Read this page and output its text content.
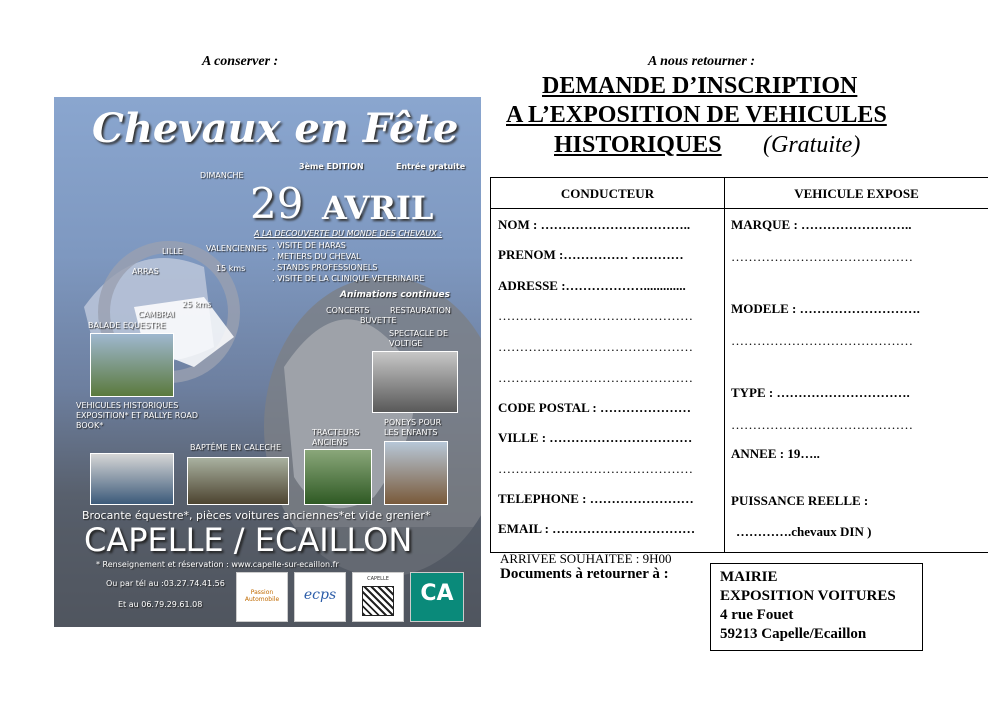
A conserver :	A nous retourner :
Chevaux en Fête
3ème EDITION	Entrée gratuite
DIMANCHE
29 AVRIL
VALENCIENNES
LILLE
ARRAS
CAMBRAI
15 kms
25 kms
A LA DECOUVERTE DU MONDE DES CHEVAUX :
. VISITE DE HARAS
. METIERS DU CHEVAL
. STANDS PROFESSIONELS
. VISITE DE LA CLINIQUE VETERINAIRE
Animations continues
CONCERTS	RESTAURATION
BUVETTE
BALADE EQUESTRE
SPECTACLE DE VOLTIGE
VEHICULES HISTORIQUES EXPOSITION* ET RALLYE ROAD BOOK*	PONEYS POUR LES ENFANTS
TRACTEURS ANCIENS
BAPTÊME EN CALECHE
Brocante équestre*, pièces voitures anciennes*et vide grenier*
CAPELLE / ECAILLON
* Renseignement et réservation : www.capelle-sur-ecaillon.fr
Ou par tél au :03.27.74.41.56
Et au 06.79.29.61.08
Passion Automobile	ecps
CAPELLE
CA
DEMANDE D’INSCRIPTION
A L’EXPOSITION DE VEHICULES
HISTORIQUES (Gratuite)
CONDUCTEUR	VEHICULE EXPOSE
NOM : ……………………………..
PRENOM :…………… …………
ADRESSE :……………….............
………………………………………
………………………………………
………………………………………
CODE POSTAL : …………………
VILLE : ……………………………
………………………………………
TELEPHONE : ……………………
EMAIL : ……………………………
MARQUE : ……………………..
……………………………………
MODELE : ……………………….
……………………………………
TYPE : ………………………….
……………………………………
ANNEE : 19…..
PUISSANCE REELLE :
………….chevaux DIN )
ARRIVEE SOUHAITEE : 9H00
Documents à retourner à :	MAIRIE
EXPOSITION VOITURES
4 rue Fouet
59213 Capelle/Ecaillon
